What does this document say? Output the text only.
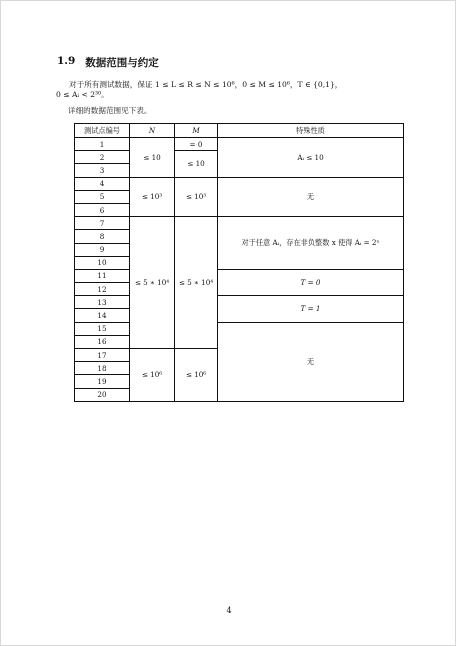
1.9 数据范围与约定
对于所有测试数据，保证 1 ≤ L ≤ R ≤ N ≤ 10⁶，0 ≤ M ≤ 10⁶，T ∈ {0,1}，
0 ≤ Aᵢ < 2³⁰。
详细的数据范围见下表。
测试点编号	N	M	特殊性质
1	≤ 10	= 0	Aᵢ ≤ 10
2		≤ 10	
3			
4	≤ 10³	≤ 10³	无
5			
6			
7	≤ 5 ∗ 10⁴	≤ 5 ∗ 10⁴	对于任意 Aᵢ，存在非负整数 x 使得 Aᵢ = 2ˣ
8			
9			
10			
11			T = 0
12			
13			T = 1
14			
15			无
16			
17	≤ 10⁶	≤ 10⁶	
18			
19			
20			
4
